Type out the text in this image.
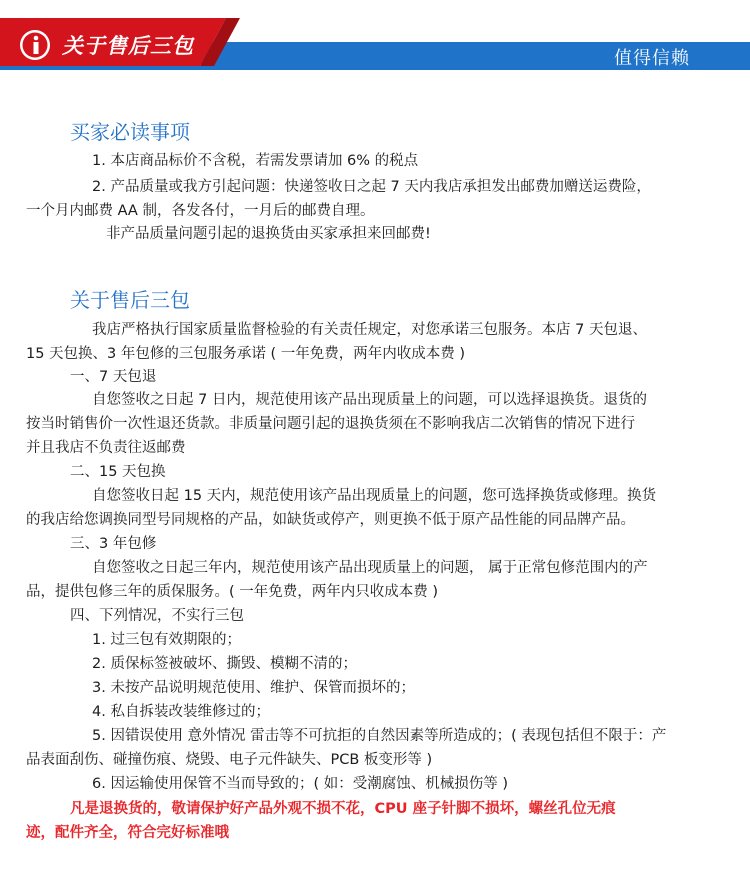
关于售后三包
值得信赖
买家必读事项
1. 本店商品标价不含税，若需发票请加 6% 的税点
2. 产品质量或我方引起问题：快递签收日之起 7 天内我店承担发出邮费加赠送运费险，
一个月内邮费 AA 制，各发各付，一月后的邮费自理。
非产品质量问题引起的退换货由买家承担来回邮费!
关于售后三包
我店严格执行国家质量监督检验的有关责任规定，对您承诺三包服务。本店 7 天包退、
15 天包换、3 年包修的三包服务承诺 ( 一年免费，两年内收成本费 )
一、7 天包退
自您签收之日起 7 日内，规范使用该产品出现质量上的问题，可以选择退换货。退货的
按当时销售价一次性退还货款。非质量问题引起的退换货须在不影响我店二次销售的情况下进行
并且我店不负责往返邮费
二、15 天包换
自您签收日起 15 天内，规范使用该产品出现质量上的问题，您可选择换货或修理。换货
的我店给您调换同型号同规格的产品，如缺货或停产，则更换不低于原产品性能的同品牌产品。
三、3 年包修
自您签收之日起三年内，规范使用该产品出现质量上的问题， 属于正常包修范围内的产
品，提供包修三年的质保服务。( 一年免费，两年内只收成本费 )
四、下列情况，不实行三包
1. 过三包有效期限的；
2. 质保标签被破坏、撕毁、模糊不清的；
3. 未按产品说明规范使用、维护、保管而损坏的；
4. 私自拆装改装维修过的；
5. 因错误使用 意外情况 雷击等不可抗拒的自然因素等所造成的；( 表现包括但不限于：产
品表面刮伤、碰撞伤痕、烧毁、电子元件缺失、PCB 板变形等 )
6. 因运输使用保管不当而导致的；( 如：受潮腐蚀、机械损伤等 )
凡是退换货的，敬请保护好产品外观不损不花，CPU 座子针脚不损坏，螺丝孔位无痕
迹，配件齐全，符合完好标准哦
